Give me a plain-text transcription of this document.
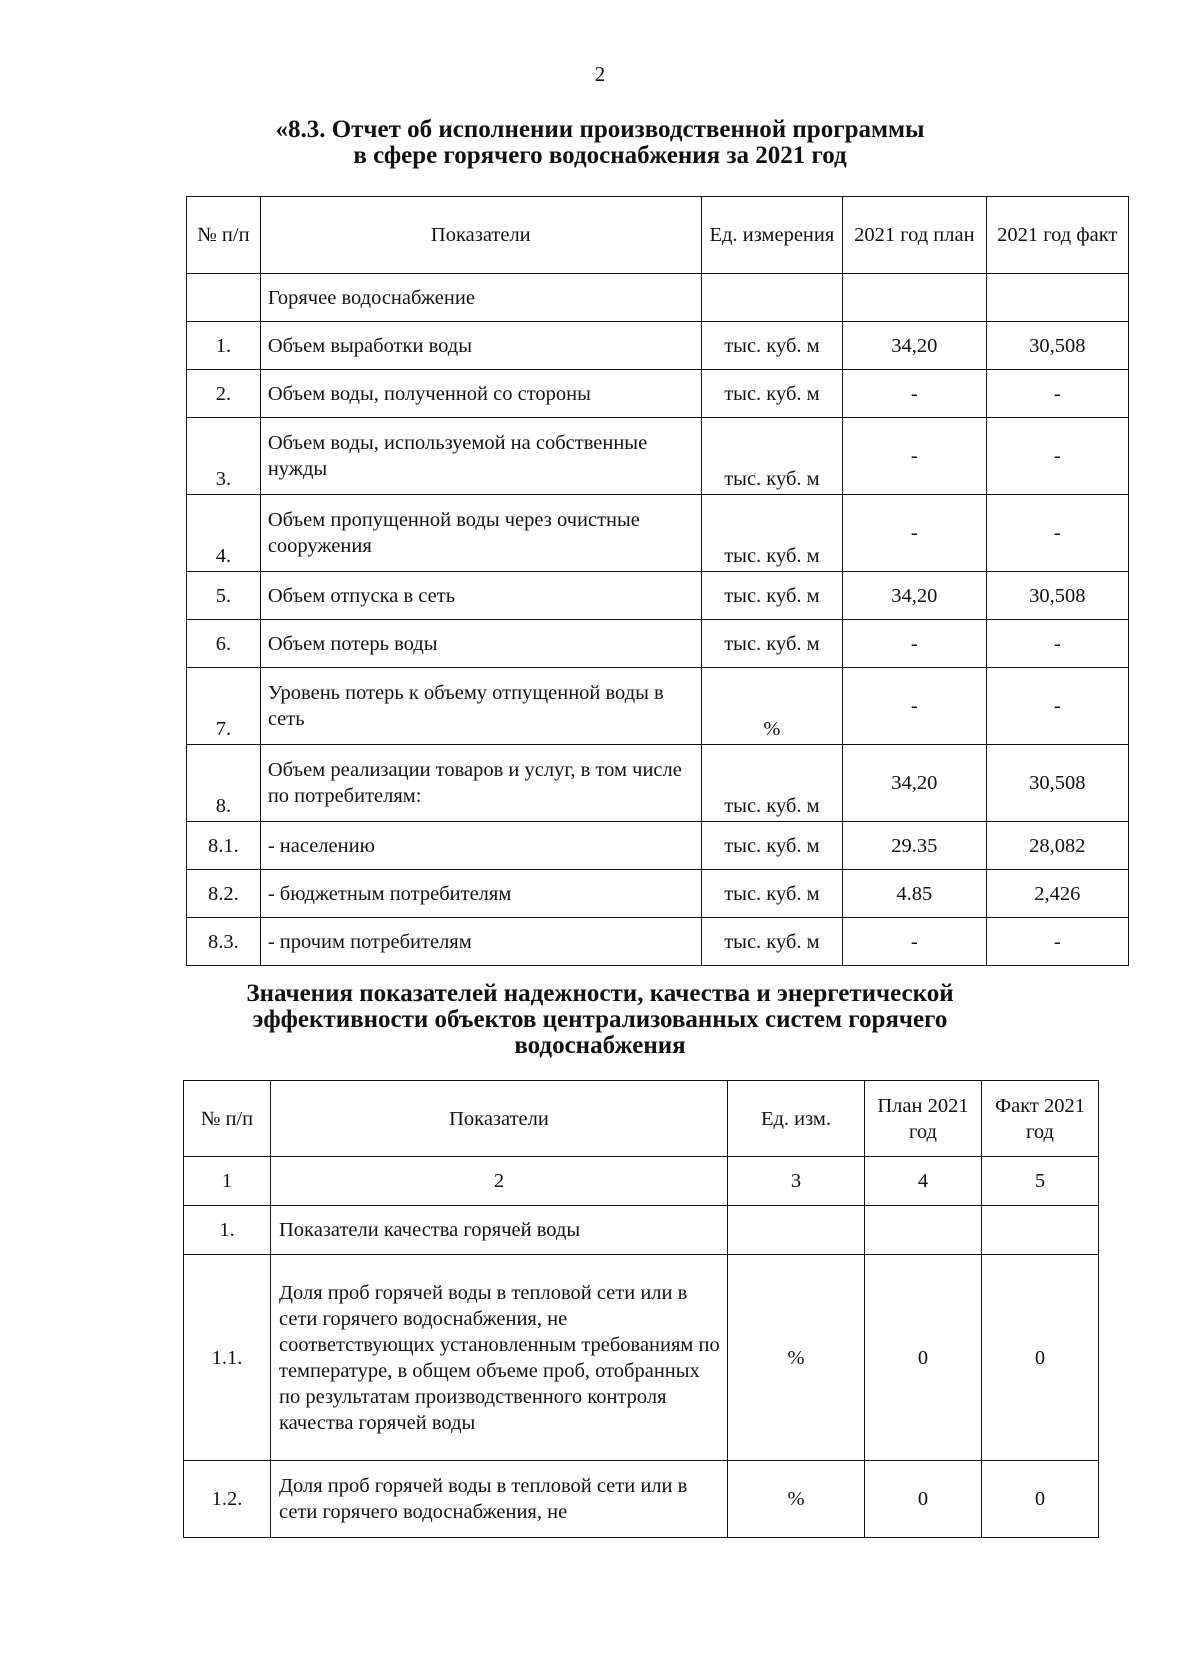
2
«8.3. Отчет об исполнении производственной программы
в сфере горячего водоснабжения за 2021 год
№ п/п	Показатели	Ед. измерения	2021 год план	2021 год факт
	Горячее водоснабжение			
1.	Объем выработки воды	тыс. куб. м	34,20	30,508
2.	Объем воды, полученной со стороны	тыс. куб. м	-	-
3.	Объем воды, используемой на собственные нужды	тыс. куб. м	-	-
4.	Объем пропущенной воды через очистные сооружения	тыс. куб. м	-	-
5.	Объем отпуска в сеть	тыс. куб. м	34,20	30,508
6.	Объем потерь воды	тыс. куб. м	-	-
7.	Уровень потерь к объему отпущенной воды в сеть	%	-	-
8.	Объем реализации товаров и услуг, в том числе по потребителям:	тыс. куб. м	34,20	30,508
8.1.	- населению	тыс. куб. м	29.35	28,082
8.2.	- бюджетным потребителям	тыс. куб. м	4.85	2,426
8.3.	- прочим потребителям	тыс. куб. м	-	-
Значения показателей надежности, качества и энергетической
эффективности объектов централизованных систем горячего
водоснабжения
№ п/п	Показатели	Ед. изм.	План 2021 год	Факт 2021 год
1	2	3	4	5
1.	Показатели качества горячей воды			
1.1.	Доля проб горячей воды в тепловой сети или в сети горячего водоснабжения, не соответствующих установленным требованиям по температуре, в общем объеме проб, отобранных по результатам производственного контроля качества горячей воды	%	0	0
1.2.	Доля проб горячей воды в тепловой сети или в сети горячего водоснабжения, не	%	0	0
